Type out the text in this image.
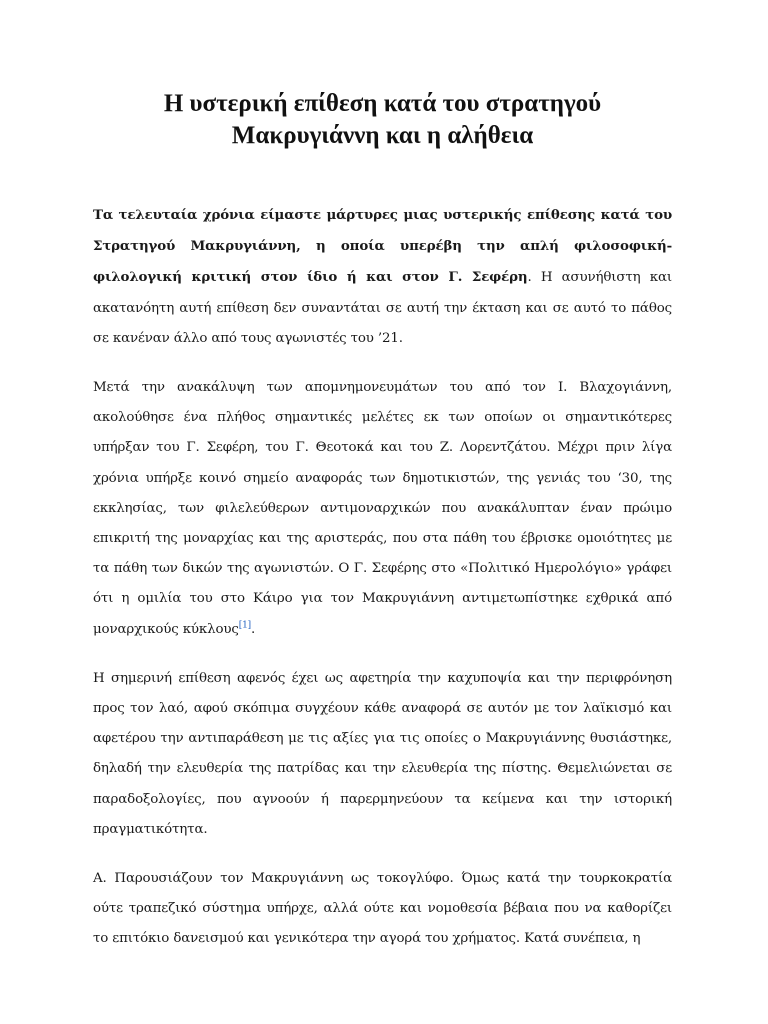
Η υστερική επίθεση κατά του στρατηγού
Μακρυγιάννη και η αλήθεια

Τα τελευταία χρόνια είμαστε μάρτυρες μιας υστερικής επίθεσης κατά του Στρατηγού Μακρυγιάννη, η οποία υπερέβη την απλή φιλοσοφική-φιλολογική κριτική στον ίδιο ή και στον Γ. Σεφέρη. Η ασυνήθιστη και ακατανόητη αυτή επίθεση δεν συναντάται σε αυτή την έκταση και σε αυτό το πάθος σε κανέναν άλλο από τους αγωνιστές του ’21.

Μετά την ανακάλυψη των απομνημονευμάτων του από τον Ι. Βλαχογιάννη, ακολούθησε ένα πλήθος σημαντικές μελέτες εκ των οποίων οι σημαντικότερες υπήρξαν του Γ. Σεφέρη, του Γ. Θεοτοκά και του Ζ. Λορεντζάτου. Μέχρι πριν λίγα χρόνια υπήρξε κοινό σημείο αναφοράς των δημοτικιστών, της γενιάς του ‘30, της εκκλησίας, των φιλελεύθερων αντιμοναρχικών που ανακάλυπταν έναν πρώιμο επικριτή της μοναρχίας και της αριστεράς, που στα πάθη του έβρισκε ομοιότητες με τα πάθη των δικών της αγωνιστών. Ο Γ. Σεφέρης στο «Πολιτικό Ημερολόγιο» γράφει ότι η ομιλία του στο Κάιρο για τον Μακρυγιάννη αντιμετωπίστηκε εχθρικά από μοναρχικούς κύκλους[1].

Η σημερινή επίθεση αφενός έχει ως αφετηρία την καχυποψία και την περιφρόνηση προς τον λαό, αφού σκόπιμα συγχέουν κάθε αναφορά σε αυτόν με τον λαϊκισμό και αφετέρου την αντιπαράθεση με τις αξίες για τις οποίες ο Μακρυγιάννης θυσιάστηκε, δηλαδή την ελευθερία της πατρίδας και την ελευθερία της πίστης. Θεμελιώνεται σε παραδοξολογίες, που αγνοούν ή παρερμηνεύουν τα κείμενα και την ιστορική πραγματικότητα.

Α. Παρουσιάζουν τον Μακρυγιάννη ως τοκογλύφο. Όμως κατά την τουρκοκρατία ούτε τραπεζικό σύστημα υπήρχε, αλλά ούτε και νομοθεσία βέβαια που να καθορίζει το επιτόκιο δανεισμού και γενικότερα την αγορά του χρήματος. Κατά συνέπεια, η
